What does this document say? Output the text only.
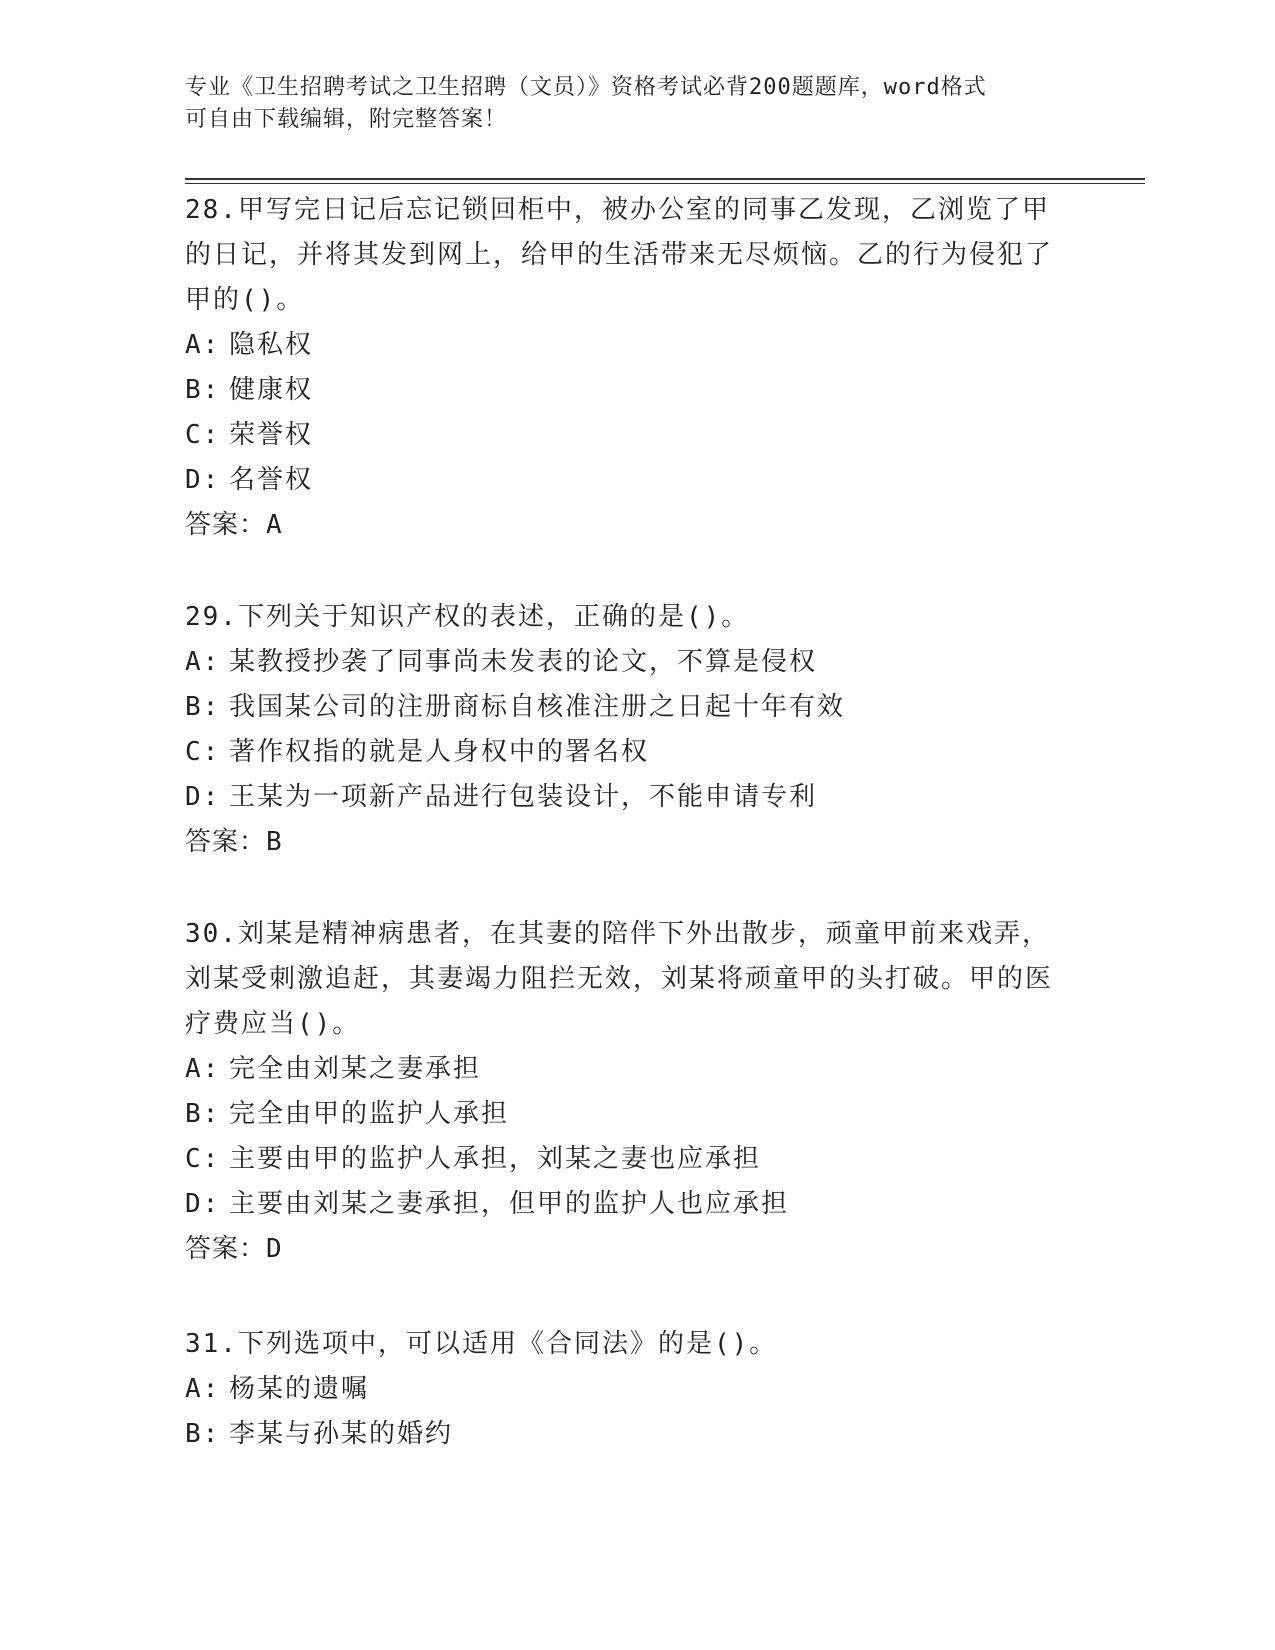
专业《卫生招聘考试之卫生招聘（文员）》资格考试必背200题题库，word格式
可自由下载编辑，附完整答案！

28.甲写完日记后忘记锁回柜中，被办公室的同事乙发现，乙浏览了甲的日记，并将其发到网上，给甲的生活带来无尽烦恼。乙的行为侵犯了甲的()。

A: 隐私权
B: 健康权
C: 荣誉权
D: 名誉权

答案：A

29.下列关于知识产权的表述，正确的是()。

A: 某教授抄袭了同事尚未发表的论文，不算是侵权
B: 我国某公司的注册商标自核准注册之日起十年有效
C: 著作权指的就是人身权中的署名权
D: 王某为一项新产品进行包装设计，不能申请专利

答案：B

30.刘某是精神病患者，在其妻的陪伴下外出散步，顽童甲前来戏弄，刘某受刺激追赶，其妻竭力阻拦无效，刘某将顽童甲的头打破。甲的医疗费应当()。

A: 完全由刘某之妻承担
B: 完全由甲的监护人承担
C: 主要由甲的监护人承担，刘某之妻也应承担
D: 主要由刘某之妻承担，但甲的监护人也应承担

答案：D

31.下列选项中，可以适用《合同法》的是()。

A: 杨某的遗嘱
B: 李某与孙某的婚约
